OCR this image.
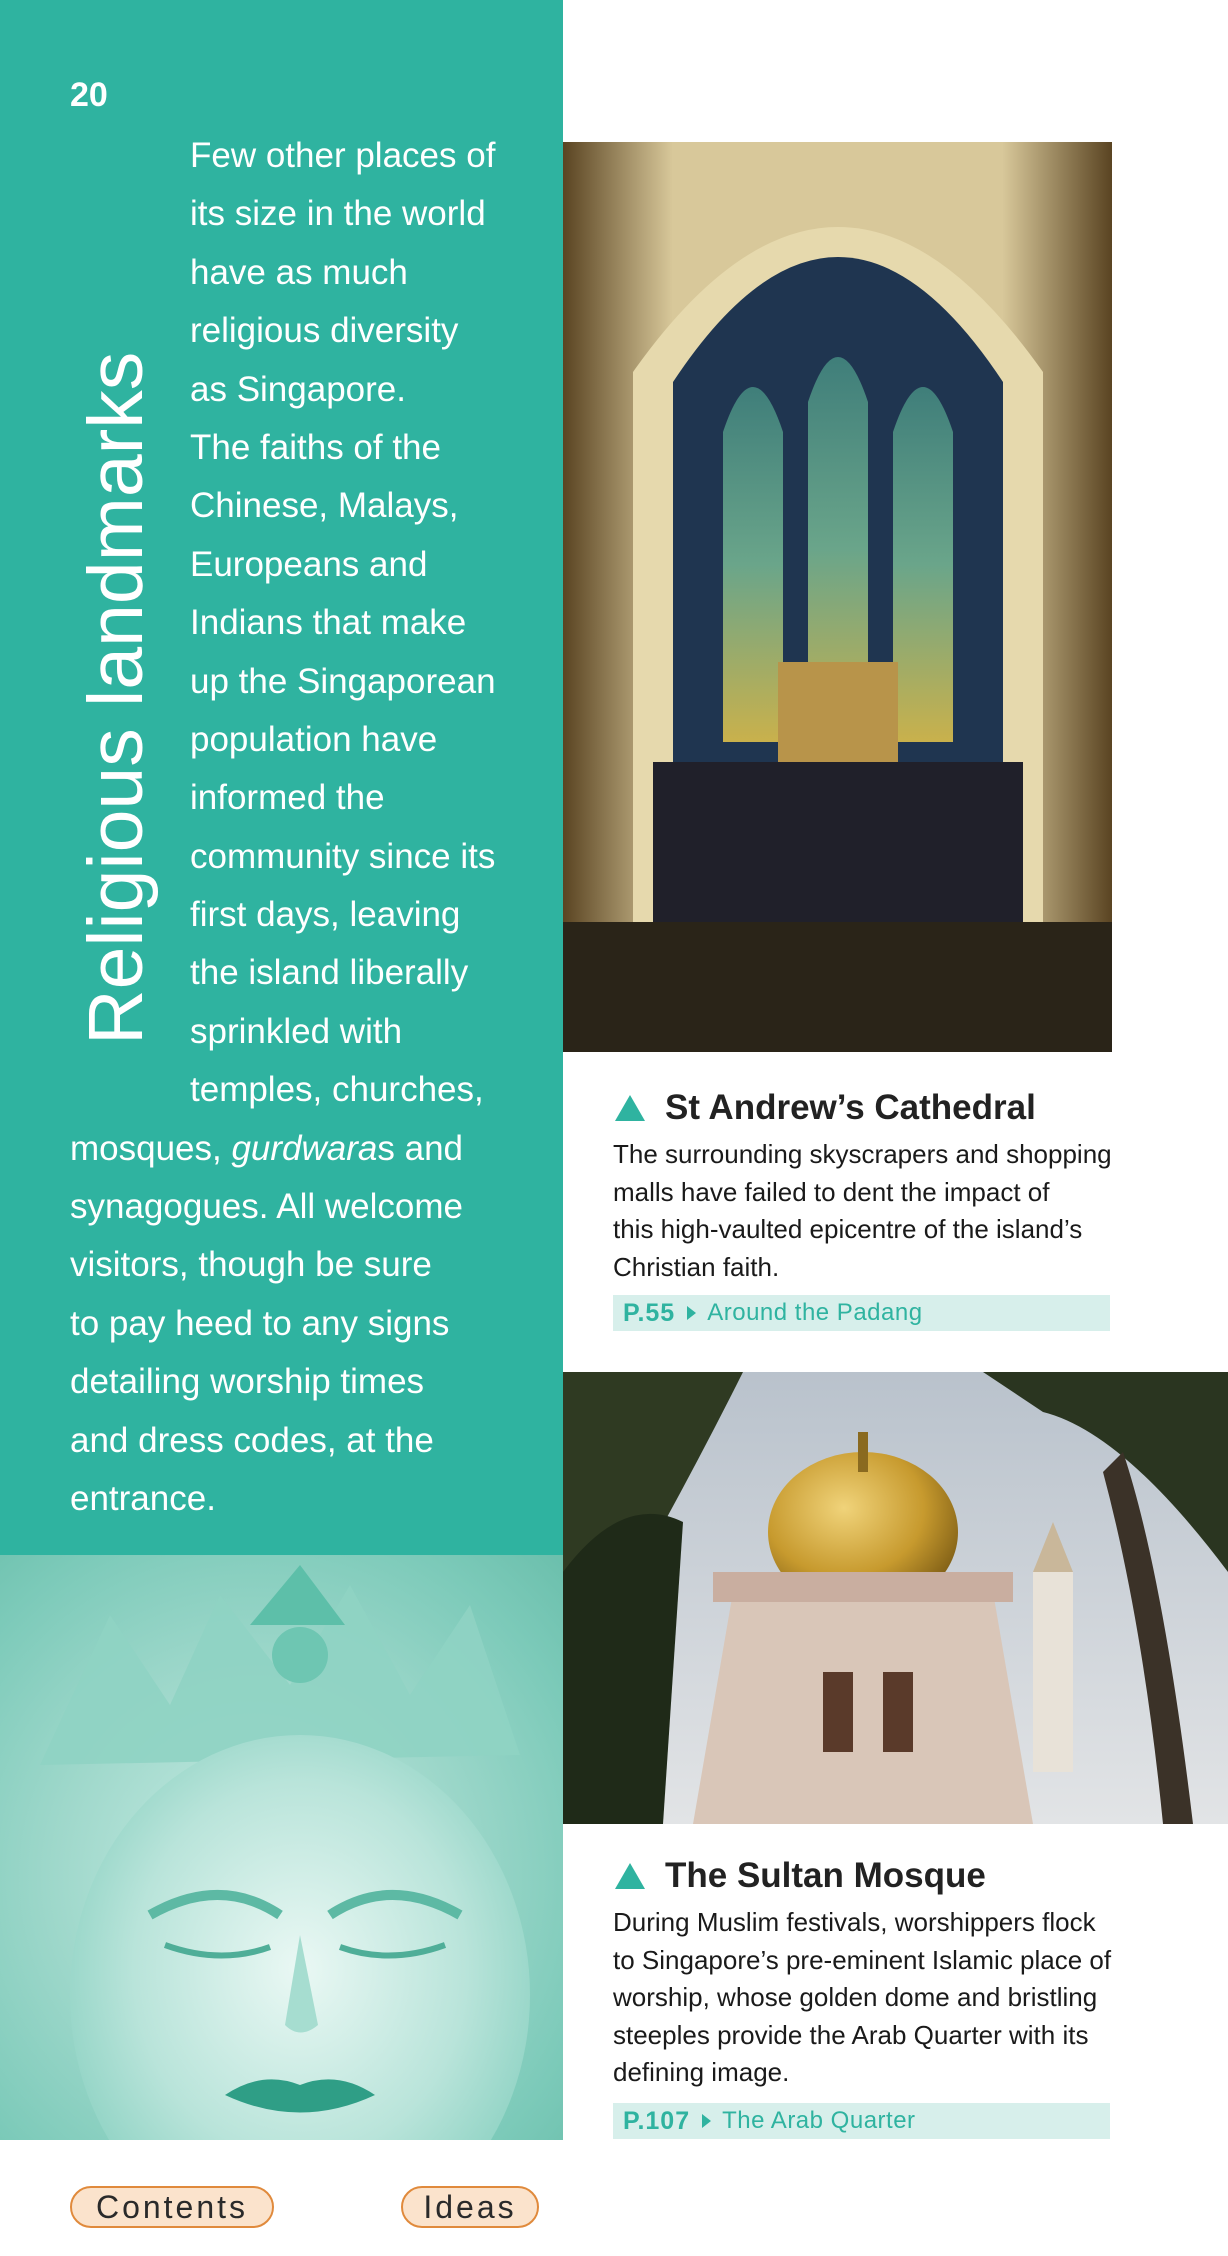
20
Religious landmarks
Few other places of
its size in the world
have as much
religious diversity
as Singapore.
The faiths of the
Chinese, Malays,
Europeans and
Indians that make
up the Singaporean
population have
informed the
community since its
first days, leaving
the island liberally
sprinkled with
temples, churches,
mosques, gurdwaras and
synagogues. All welcome
visitors, though be sure
to pay heed to any signs
detailing worship times
and dress codes, at the
entrance.
St Andrew’s Cathedral
The surrounding skyscrapers and shopping
malls have failed to dent the impact of
this high-vaulted epicentre of the island’s
Christian faith.
P.55 Around the Padang
The Sultan Mosque
During Muslim festivals, worshippers flock
to Singapore’s pre-eminent Islamic place of
worship, whose golden dome and bristling
steeples provide the Arab Quarter with its
defining image.
P.107 The Arab Quarter
Contents	Ideas
